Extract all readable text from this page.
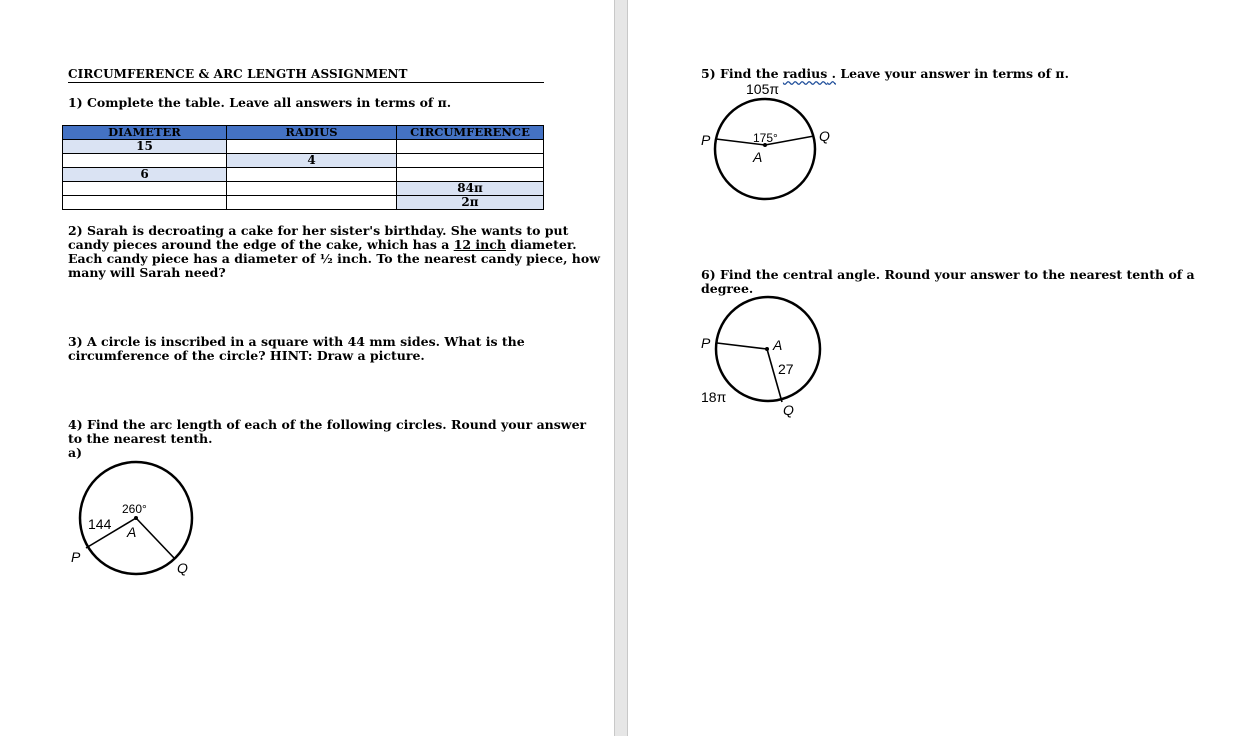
CIRCUMFERENCE & ARC LENGTH ASSIGNMENT
1) Complete the table. Leave all answers in terms of π.
DIAMETER	RADIUS	CIRCUMFERENCE
15		
	4	
6		
		84π
		2π
2) Sarah is decroating a cake for her sister's birthday. She wants to put
candy pieces around the edge of the cake, which has a 12 inch diameter.
Each candy piece has a diameter of ½ inch. To the nearest candy piece, how
many will Sarah need?
3) A circle is inscribed in a square with 44 mm sides. What is the
circumference of the circle? HINT: Draw a picture.
4) Find the arc length of each of the following circles. Round your answer
to the nearest tenth.
a)
260°
A
144
P
Q
5) Find the radius . Leave your answer in terms of π.
105π
175°
A
P	Q
6) Find the central angle. Round your answer to the nearest tenth of a
degree.
A
27
P
18π
Q
